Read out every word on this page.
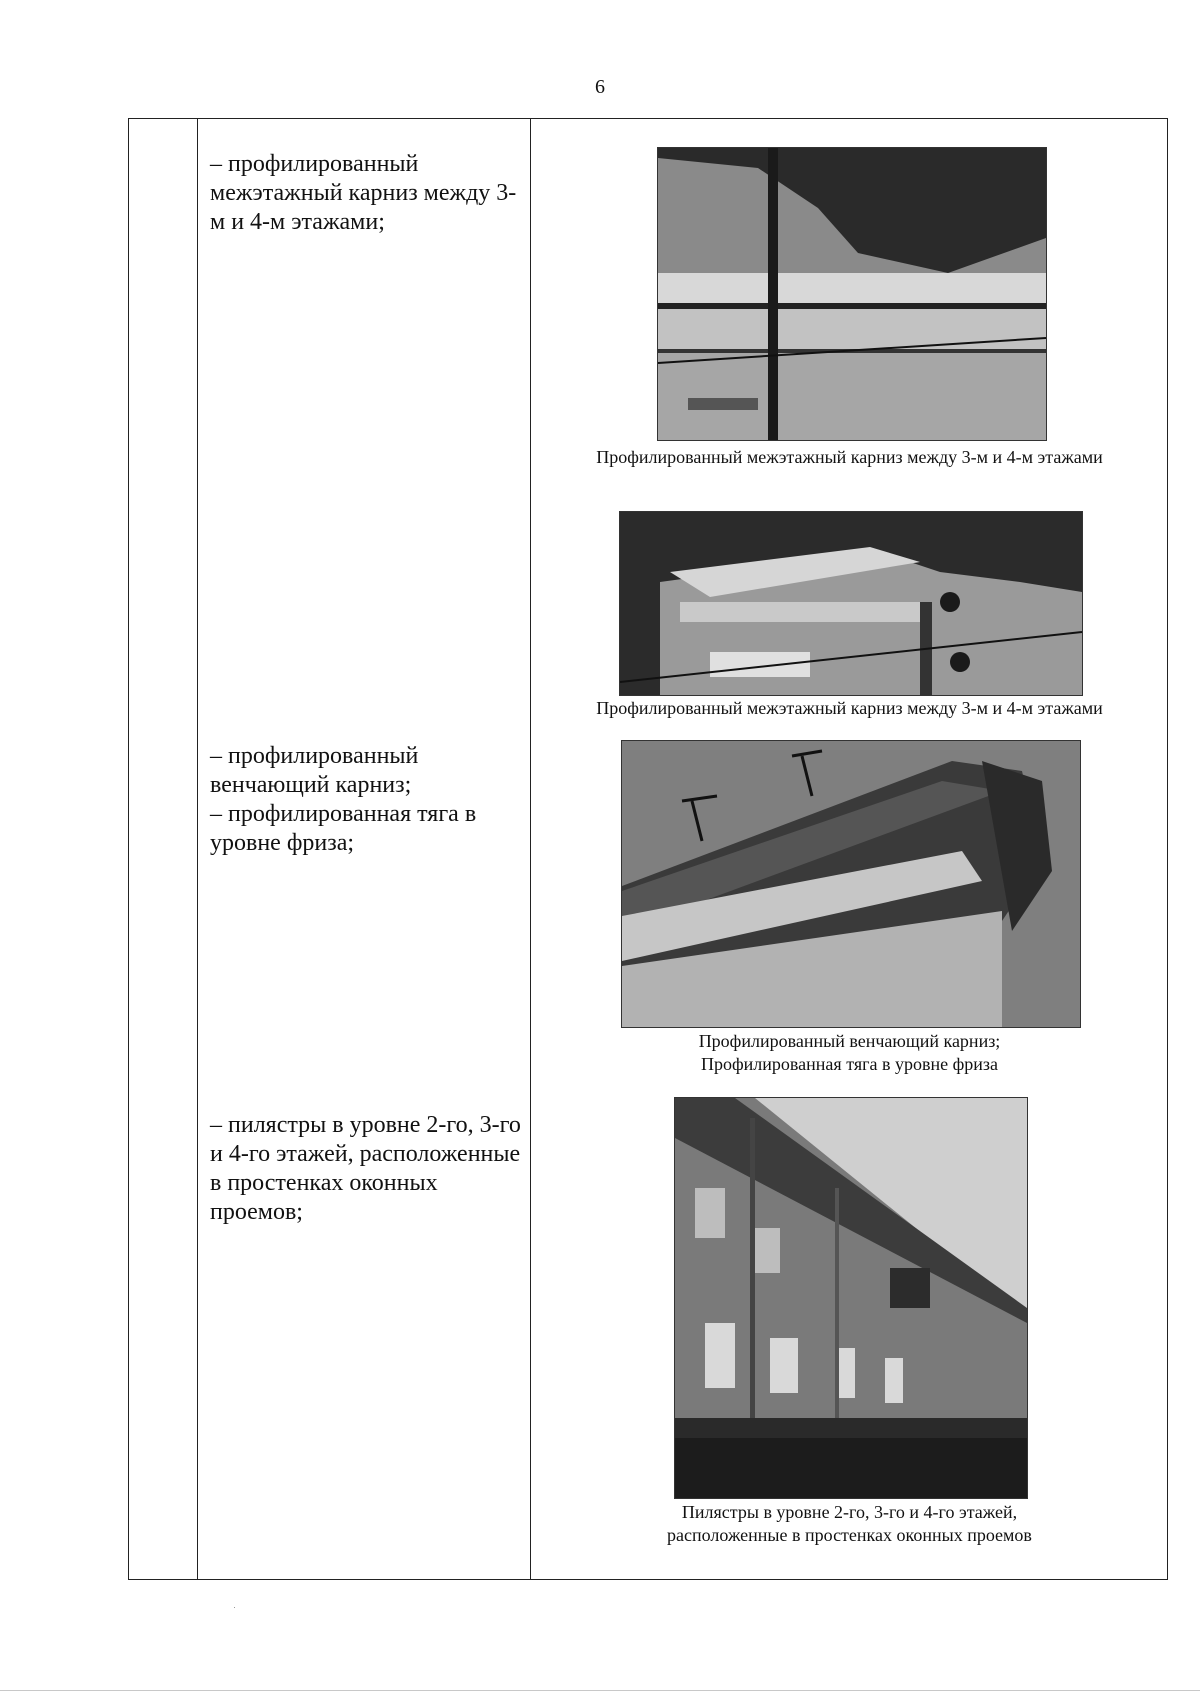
6
– профилированный межэтажный карниз между 3-м и 4-м этажами;
– профилированный венчающий карниз;
– профилированная тяга в уровне фриза;
– пилястры в уровне 2-го, 3-го и 4-го этажей, расположенные в простенках оконных проемов;
Профилированный межэтажный карниз между 3-м и 4-м этажами
Профилированный межэтажный карниз между 3-м и 4-м этажами
Профилированный венчающий карниз;
Профилированная тяга в уровне фриза
Пилястры в уровне 2-го, 3-го и 4-го этажей,
расположенные в простенках оконных проемов
